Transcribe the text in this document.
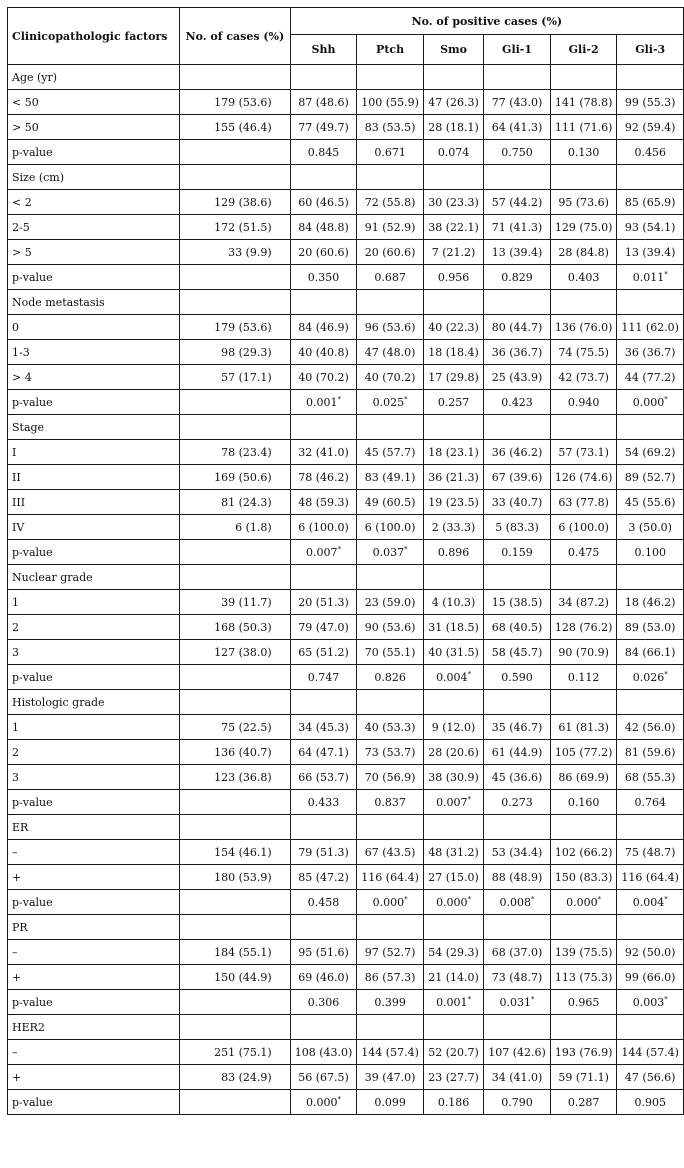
Clinicopathologic factors	No. of cases (%)	No. of positive cases (%)					
		Shh	Ptch	Smo	Gli-1	Gli-2	Gli-3
Age (yr)							
< 50	179 (53.6)	87 (48.6)	100 (55.9)	47 (26.3)	77 (43.0)	141 (78.8)	99 (55.3)
> 50	155 (46.4)	77 (49.7)	83 (53.5)	28 (18.1)	64 (41.3)	111 (71.6)	92 (59.4)
p-value		0.845	0.671	0.074	0.750	0.130	0.456
Size (cm)							
< 2	129 (38.6)	60 (46.5)	72 (55.8)	30 (23.3)	57 (44.2)	95 (73.6)	85 (65.9)
2-5	172 (51.5)	84 (48.8)	91 (52.9)	38 (22.1)	71 (41.3)	129 (75.0)	93 (54.1)
> 5	33 (9.9)	20 (60.6)	20 (60.6)	7 (21.2)	13 (39.4)	28 (84.8)	13 (39.4)
p-value		0.350	0.687	0.956	0.829	0.403	0.011*
Node metastasis							
0	179 (53.6)	84 (46.9)	96 (53.6)	40 (22.3)	80 (44.7)	136 (76.0)	111 (62.0)
1-3	98 (29.3)	40 (40.8)	47 (48.0)	18 (18.4)	36 (36.7)	74 (75.5)	36 (36.7)
> 4	57 (17.1)	40 (70.2)	40 (70.2)	17 (29.8)	25 (43.9)	42 (73.7)	44 (77.2)
p-value		0.001*	0.025*	0.257	0.423	0.940	0.000*
Stage							
I	78 (23.4)	32 (41.0)	45 (57.7)	18 (23.1)	36 (46.2)	57 (73.1)	54 (69.2)
II	169 (50.6)	78 (46.2)	83 (49.1)	36 (21.3)	67 (39.6)	126 (74.6)	89 (52.7)
III	81 (24.3)	48 (59.3)	49 (60.5)	19 (23.5)	33 (40.7)	63 (77.8)	45 (55.6)
IV	6 (1.8)	6 (100.0)	6 (100.0)	2 (33.3)	5 (83.3)	6 (100.0)	3 (50.0)
p-value		0.007*	0.037*	0.896	0.159	0.475	0.100
Nuclear grade							
1	39 (11.7)	20 (51.3)	23 (59.0)	4 (10.3)	15 (38.5)	34 (87.2)	18 (46.2)
2	168 (50.3)	79 (47.0)	90 (53.6)	31 (18.5)	68 (40.5)	128 (76.2)	89 (53.0)
3	127 (38.0)	65 (51.2)	70 (55.1)	40 (31.5)	58 (45.7)	90 (70.9)	84 (66.1)
p-value		0.747	0.826	0.004*	0.590	0.112	0.026*
Histologic grade							
1	75 (22.5)	34 (45.3)	40 (53.3)	9 (12.0)	35 (46.7)	61 (81.3)	42 (56.0)
2	136 (40.7)	64 (47.1)	73 (53.7)	28 (20.6)	61 (44.9)	105 (77.2)	81 (59.6)
3	123 (36.8)	66 (53.7)	70 (56.9)	38 (30.9)	45 (36.6)	86 (69.9)	68 (55.3)
p-value		0.433	0.837	0.007*	0.273	0.160	0.764
ER							
–	154 (46.1)	79 (51.3)	67 (43.5)	48 (31.2)	53 (34.4)	102 (66.2)	75 (48.7)
+	180 (53.9)	85 (47.2)	116 (64.4)	27 (15.0)	88 (48.9)	150 (83.3)	116 (64.4)
p-value		0.458	0.000*	0.000*	0.008*	0.000*	0.004*
PR							
–	184 (55.1)	95 (51.6)	97 (52.7)	54 (29.3)	68 (37.0)	139 (75.5)	92 (50.0)
+	150 (44.9)	69 (46.0)	86 (57.3)	21 (14.0)	73 (48.7)	113 (75.3)	99 (66.0)
p-value		0.306	0.399	0.001*	0.031*	0.965	0.003*
HER2							
–	251 (75.1)	108 (43.0)	144 (57.4)	52 (20.7)	107 (42.6)	193 (76.9)	144 (57.4)
+	83 (24.9)	56 (67.5)	39 (47.0)	23 (27.7)	34 (41.0)	59 (71.1)	47 (56.6)
p-value		0.000*	0.099	0.186	0.790	0.287	0.905
